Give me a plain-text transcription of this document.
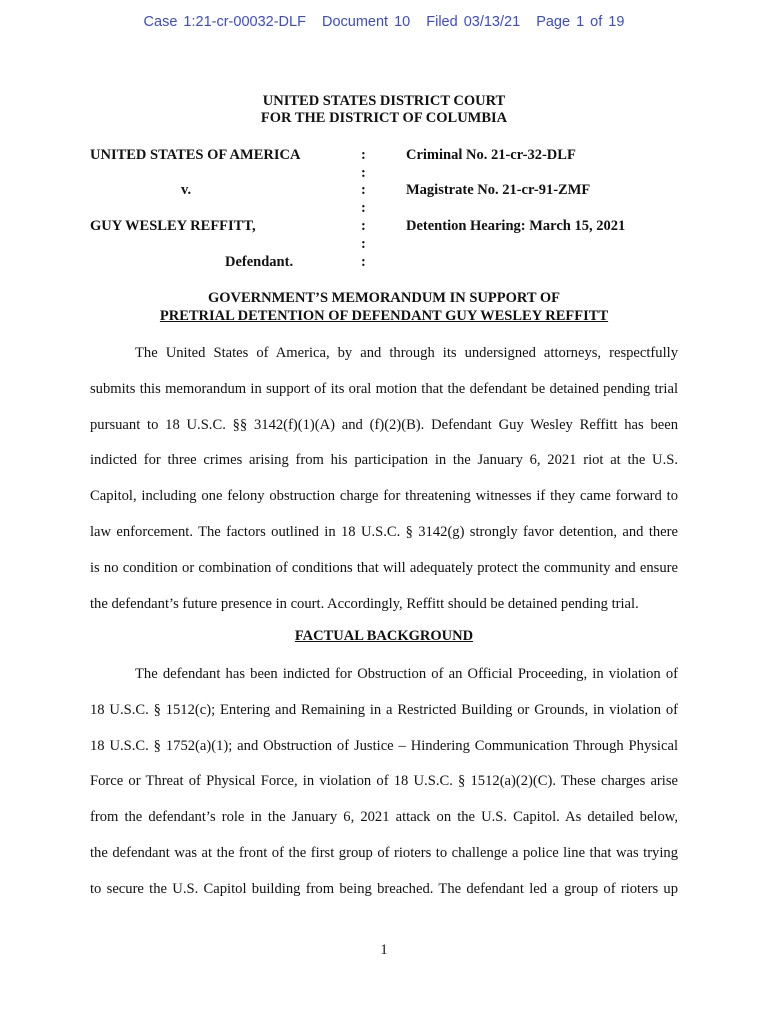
Case 1:21-cr-00032-DLF Document 10 Filed 03/13/21 Page 1 of 19
UNITED STATES DISTRICT COURT
FOR THE DISTRICT OF COLUMBIA
UNITED STATES OF AMERICA
v.
GUY WESLEY REFFITT,
Defendant.
:
:
:
:
:
:
:
Criminal No. 21-cr-32-DLF
Magistrate No. 21-cr-91-ZMF
Detention Hearing: March 15, 2021
GOVERNMENT’S MEMORANDUM IN SUPPORT OF
PRETRIAL DETENTION OF DEFENDANT GUY WESLEY REFFITT
The United States of America, by and through its undersigned attorneys, respectfully
submits this memorandum in support of its oral motion that the defendant be detained pending trial
pursuant to 18 U.S.C. §§ 3142(f)(1)(A) and (f)(2)(B). Defendant Guy Wesley Reffitt has been
indicted for three crimes arising from his participation in the January 6, 2021 riot at the U.S.
Capitol, including one felony obstruction charge for threatening witnesses if they came forward to
law enforcement. The factors outlined in 18 U.S.C. § 3142(g) strongly favor detention, and there
is no condition or combination of conditions that will adequately protect the community and ensure
the defendant’s future presence in court. Accordingly, Reffitt should be detained pending trial.
FACTUAL BACKGROUND
The defendant has been indicted for Obstruction of an Official Proceeding, in violation of
18 U.S.C. § 1512(c); Entering and Remaining in a Restricted Building or Grounds, in violation of
18 U.S.C. § 1752(a)(1); and Obstruction of Justice – Hindering Communication Through Physical
Force or Threat of Physical Force, in violation of 18 U.S.C. § 1512(a)(2)(C). These charges arise
from the defendant’s role in the January 6, 2021 attack on the U.S. Capitol. As detailed below,
the defendant was at the front of the first group of rioters to challenge a police line that was trying
to secure the U.S. Capitol building from being breached. The defendant led a group of rioters up
1
